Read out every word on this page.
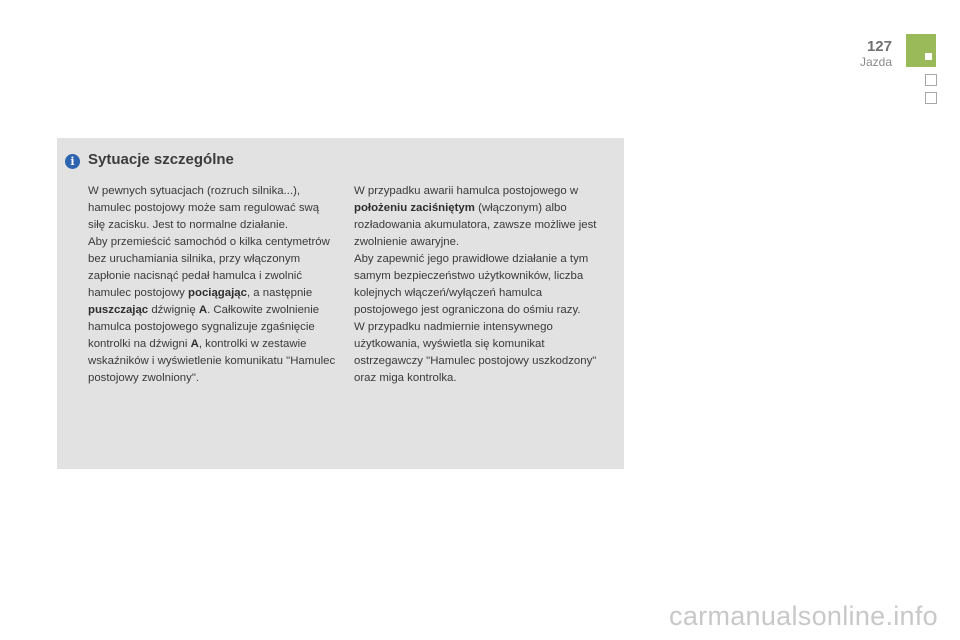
127
Jazda
i Sytuacje szczególne
W pewnych sytuacjach (rozruch silnika...), hamulec postojowy może sam regulować swą siłę zacisku. Jest to normalne działanie.
Aby przemieścić samochód o kilka centymetrów bez uruchamiania silnika, przy włączonym zapłonie nacisnąć pedał hamulca i zwolnić hamulec postojowy pociągając, a następnie puszczając dźwignię A. Całkowite zwolnienie hamulca postojowego sygnalizuje zgaśnięcie kontrolki na dźwigni A, kontrolki w zestawie wskaźników i wyświetlenie komunikatu "Hamulec postojowy zwolniony".
W przypadku awarii hamulca postojowego w położeniu zaciśniętym (włączonym) albo rozładowania akumulatora, zawsze możliwe jest zwolnienie awaryjne.
Aby zapewnić jego prawidłowe działanie a tym samym bezpieczeństwo użytkowników, liczba kolejnych włączeń/wyłączeń hamulca postojowego jest ograniczona do ośmiu razy.
W przypadku nadmiernie intensywnego użytkowania, wyświetla się komunikat ostrzegawczy "Hamulec postojowy uszkodzony" oraz miga kontrolka.
carmanualsonline.info
